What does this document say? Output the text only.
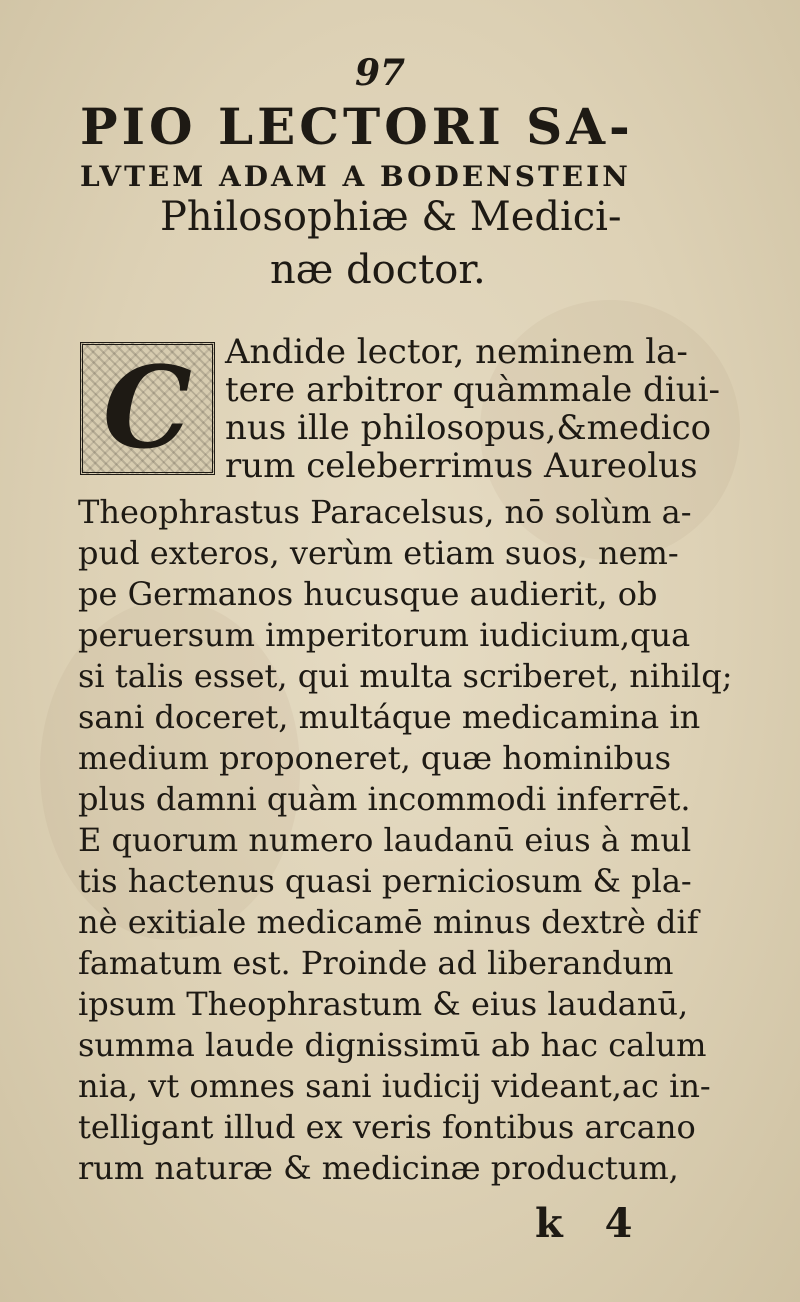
97
PIO LECTORI SA-
LVTEM ADAM A BODENSTEIN
Philosophiæ & Medici-
næ doctor.
C Andide lector, neminem la-
tere arbitror quàmmale diui-
nus ille philosopus,&medico
rum celeberrimus Aureolus
Theophrastus Paracelsus, nō solùm a-
pud exteros, verùm etiam suos, nem-
pe Germanos hucusque audierit, ob
peruersum imperitorum iudicium,qua
si talis esset, qui multa scriberet, nihilq;
sani doceret, multáque medicamina in
medium proponeret, quæ hominibus
plus damni quàm incommodi inferrēt.
E quorum numero laudanū eius à mul
tis hactenus quasi perniciosum & pla-
nè exitiale medicamē minus dextrè dif
famatum est. Proinde ad liberandum
ipsum Theophrastum & eius laudanū,
summa laude dignissimū ab hac calum
nia, vt omnes sani iudicij videant,ac in-
telligant illud ex veris fontibus arcano
rum naturæ & medicinæ productum,
k 4
